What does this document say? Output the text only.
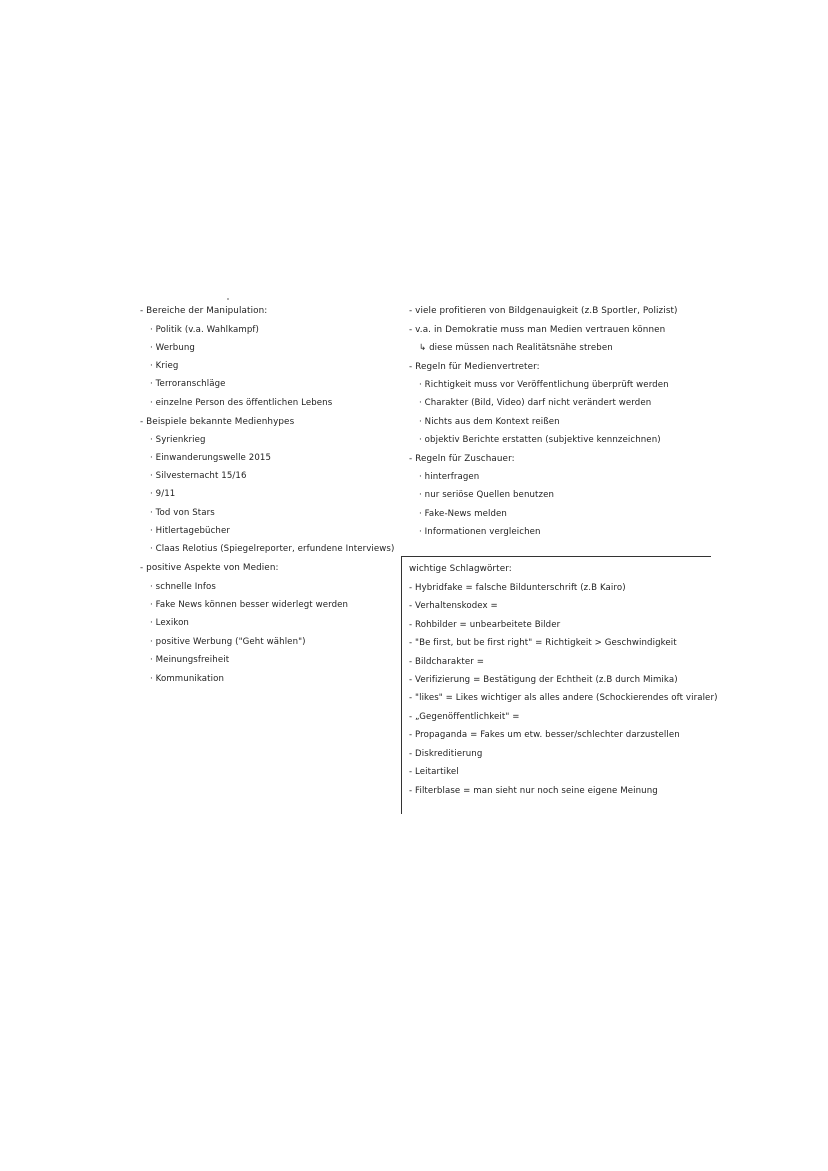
- Bereiche der Manipulation:
· Politik (v.a. Wahlkampf)
· Werbung
· Krieg
· Terroranschläge
· einzelne Person des öffentlichen Lebens
- Beispiele bekannte Medienhypes
· Syrienkrieg
· Einwanderungswelle 2015
· Silvesternacht 15/16
· 9/11
· Tod von Stars
· Hitlertagebücher
· Claas Relotius (Spiegelreporter, erfundene Interviews)
- positive Aspekte von Medien:
· schnelle Infos
· Fake News können besser widerlegt werden
· Lexikon
· positive Werbung ("Geht wählen")
· Meinungsfreiheit
· Kommunikation
- viele profitieren von Bildgenauigkeit (z.B Sportler, Polizist)
- v.a. in Demokratie muss man Medien vertrauen können
↳ diese müssen nach Realitätsnähe streben
- Regeln für Medienvertreter:
· Richtigkeit muss vor Veröffentlichung überprüft werden
· Charakter (Bild, Video) darf nicht verändert werden
· Nichts aus dem Kontext reißen
· objektiv Berichte erstatten (subjektive kennzeichnen)
- Regeln für Zuschauer:
· hinterfragen
· nur seriöse Quellen benutzen
· Fake-News melden
· Informationen vergleichen
wichtige Schlagwörter:
- Hybridfake = falsche Bildunterschrift (z.B Kairo)
- Verhaltenskodex =
- Rohbilder = unbearbeitete Bilder
- "Be first, but be first right" = Richtigkeit > Geschwindigkeit
- Bildcharakter =
- Verifizierung = Bestätigung der Echtheit (z.B durch Mimika)
- "likes" = Likes wichtiger als alles andere (Schockierendes oft viraler)
- „Gegenöffentlichkeit" =
- Propaganda = Fakes um etw. besser/schlechter darzustellen
- Diskreditierung
- Leitartikel
- Filterblase = man sieht nur noch seine eigene Meinung
